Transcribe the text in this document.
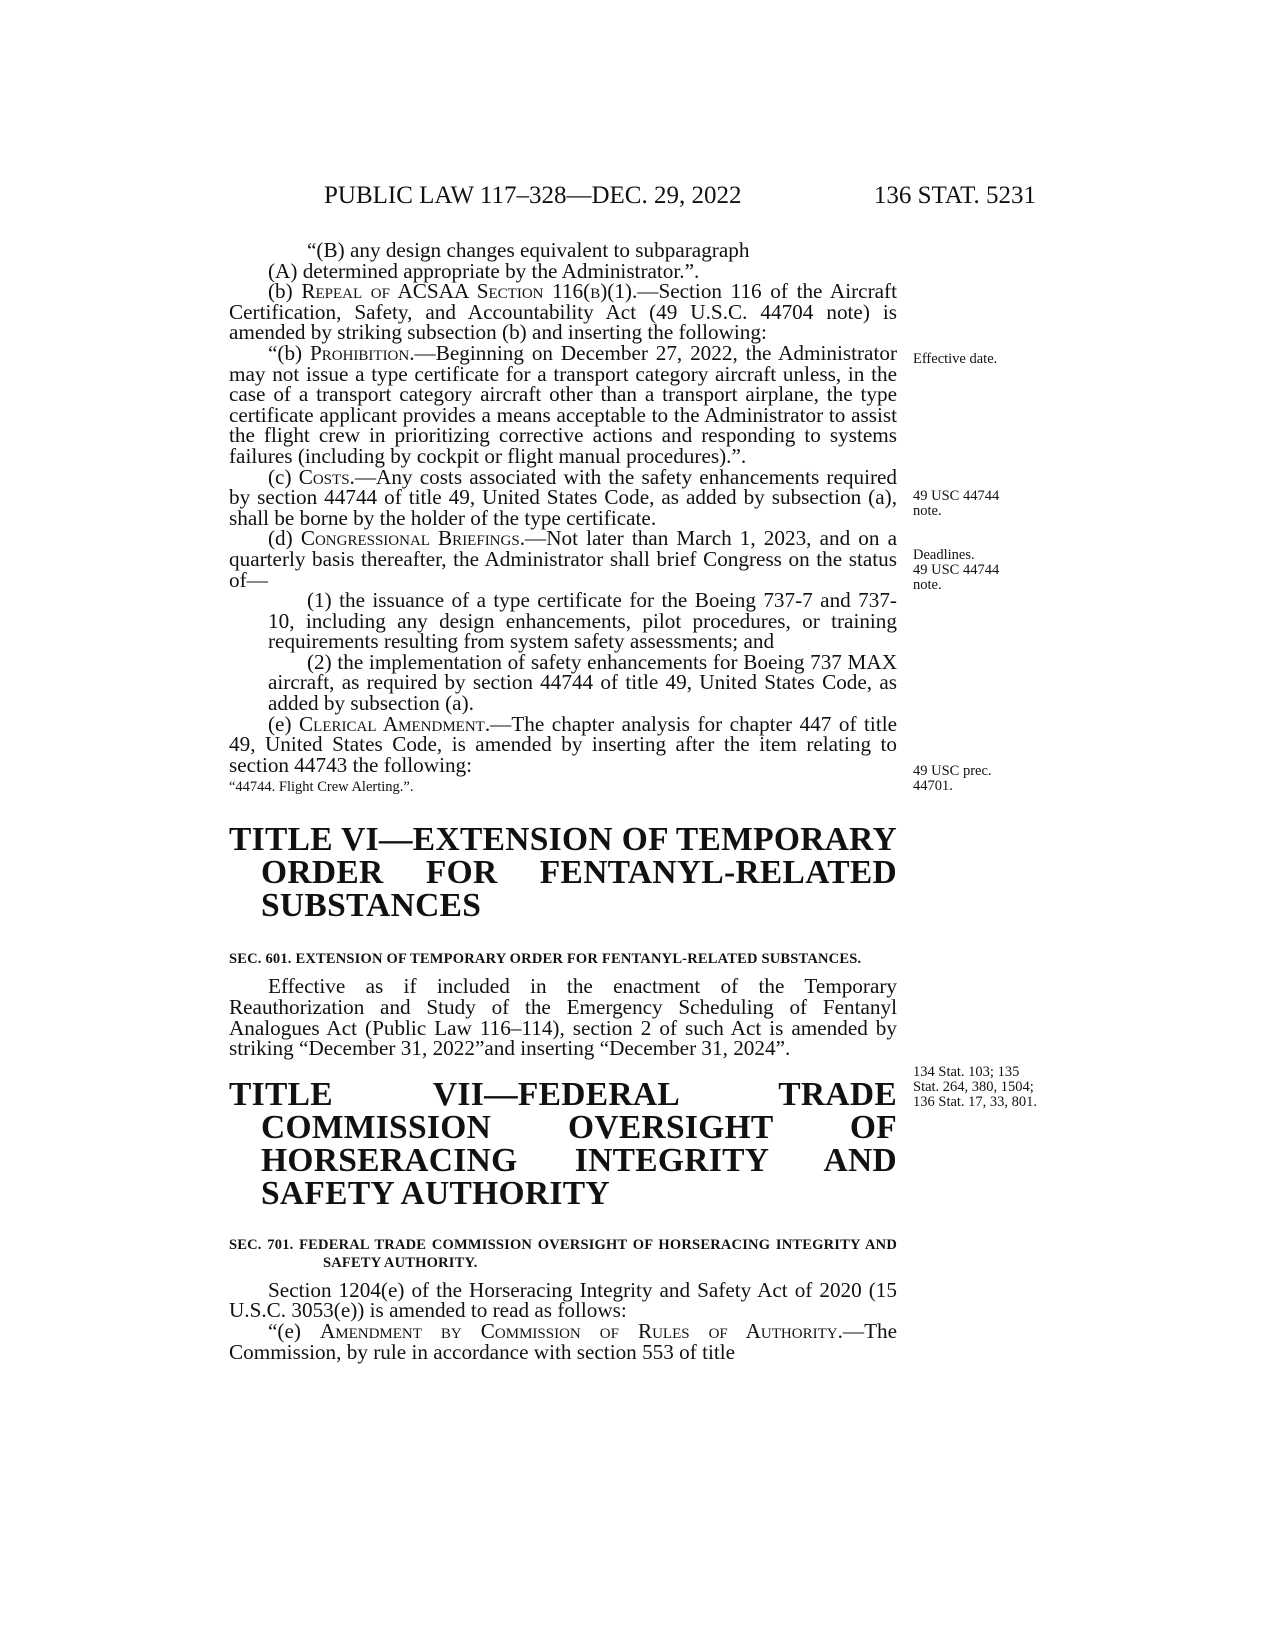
PUBLIC LAW 117–328—DEC. 29, 2022	136 STAT. 5231

“(B) any design changes equivalent to subparagraph
(A) determined appropriate by the Administrator.”.

(b) Repeal of ACSAA Section 116(b)(1).—Section 116 of the Aircraft Certification, Safety, and Accountability Act (49 U.S.C. 44704 note) is amended by striking subsection (b) and inserting the following:

“(b) Prohibition.—Beginning on December 27, 2022, the Administrator may not issue a type certificate for a transport category aircraft unless, in the case of a transport category aircraft other than a transport airplane, the type certificate applicant provides a means acceptable to the Administrator to assist the flight crew in prioritizing corrective actions and responding to systems failures (including by cockpit or flight manual procedures).”.

(c) Costs.—Any costs associated with the safety enhancements required by section 44744 of title 49, United States Code, as added by subsection (a), shall be borne by the holder of the type certificate.

(d) Congressional Briefings.—Not later than March 1, 2023, and on a quarterly basis thereafter, the Administrator shall brief Congress on the status of—

(1) the issuance of a type certificate for the Boeing 737-7 and 737-10, including any design enhancements, pilot procedures, or training requirements resulting from system safety assessments; and

(2) the implementation of safety enhancements for Boeing 737 MAX aircraft, as required by section 44744 of title 49, United States Code, as added by subsection (a).

(e) Clerical Amendment.—The chapter analysis for chapter 447 of title 49, United States Code, is amended by inserting after the item relating to section 44743 the following:

“44744. Flight Crew Alerting.”.

TITLE VI—EXTENSION OF TEMPORARY ORDER FOR FENTANYL-RELATED SUBSTANCES
SEC. 601. EXTENSION OF TEMPORARY ORDER FOR FENTANYL-RELATED SUBSTANCES.

Effective as if included in the enactment of the Temporary Reauthorization and Study of the Emergency Scheduling of Fentanyl Analogues Act (Public Law 116–114), section 2 of such Act is amended by striking “December 31, 2022”and inserting “December 31, 2024”.

TITLE VII—FEDERAL TRADE COMMISSION OVERSIGHT OF HORSERACING INTEGRITY AND SAFETY AUTHORITY
SEC. 701. FEDERAL TRADE COMMISSION OVERSIGHT OF HORSERACING INTEGRITY AND SAFETY AUTHORITY.

Section 1204(e) of the Horseracing Integrity and Safety Act of 2020 (15 U.S.C. 3053(e)) is amended to read as follows:

“(e) Amendment by Commission of Rules of Authority.—The Commission, by rule in accordance with section 553 of title

Effective date.
49 USC 44744 note.
Deadlines.
49 USC 44744 note.
49 USC prec. 44701.
134 Stat. 103; 135 Stat. 264, 380, 1504; 136 Stat. 17, 33, 801.
